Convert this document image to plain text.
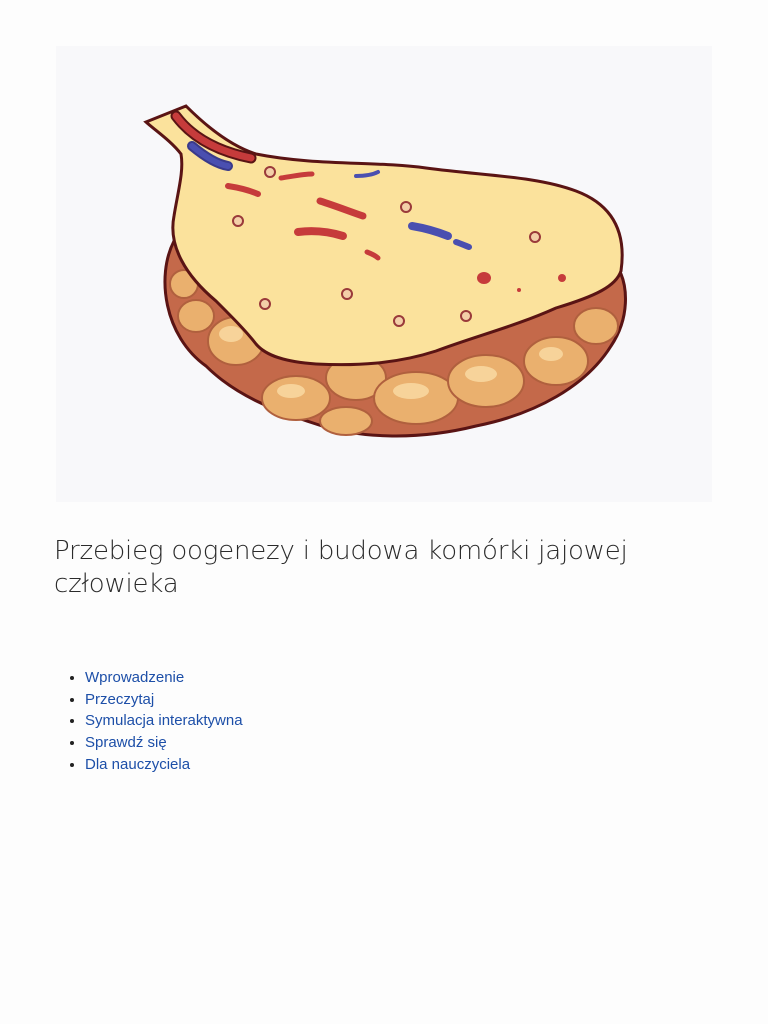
Przebieg oogenezy i budowa komórki jajowej człowieka
Wprowadzenie
Przeczytaj
Symulacja interaktywna
Sprawdź się
Dla nauczyciela
